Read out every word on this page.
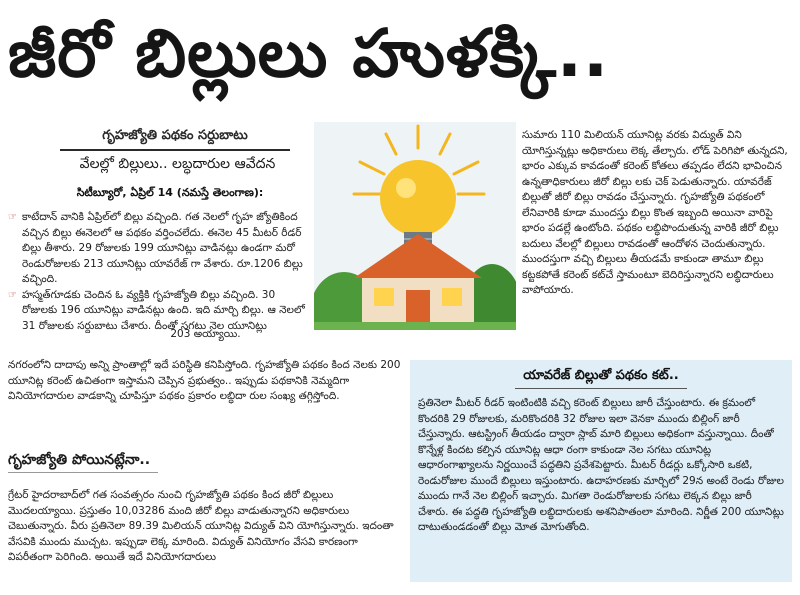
జీరో బిల్లులు హుళక్కి..
గృహజ్యోతి పథకం సర్దుబాటు
వేలల్లో బిల్లులు.. లబ్ధదారుల ఆవేదన
సిటీబ్యూరో, ఏప్రిల్ 14 (నమస్తే తెలంగాణ):

☞ కాటేదాన్ వానికి ఏప్రిల్‌లో బిల్లు వచ్చింది. గత నెలలో గృహ జ్యోతికింద వచ్చిన బిల్లు ఈనెలలో ఆ పథకం వర్తించలేదు. ఈనెల 45 మీటర్ రీడర్ బిల్లు తీశారు. 29 రోజులకు 199 యూనిట్లు వాడినట్లు ఉండగా మరో రెండురోజులకు 213 యూనిట్లు యావరేజ్ గా వేశారు. రూ.1206 బిల్లు వచ్చింది.

☞ హస్మత్‌గూడకు చెందిన ఓ వ్యక్తికి గృహజ్యోతి బిల్లు వచ్చింది. 30 రోజులకు 196 యూనిట్లు వాడినట్లు ఉంది. ఇది మార్చి బిల్లు. ఆ నెలలో 31 రోజులకు సర్దుబాటు చేశారు. దీంతో సగటు నెల యూనిట్లు

203 అయ్యాయి.
నగరంలోని దాదాపు అన్ని ప్రాంతాల్లో ఇదే పరిస్థితి కనిపిస్తోంది. గృహజ్యోతి పథకం కింద నెలకు 200 యూనిట్ల కరెంట్ ఉచితంగా ఇస్తామని చెప్పిన ప్రభుత్వం.. ఇప్పుడు పథకానికి నెమ్మదిగా వినియోగదారుల వాడకాన్ని చూపిస్తూ పథకం ప్రకారం లబ్ధిదా రుల సంఖ్య తగ్గిస్తోంది.
గృహజ్యోతి పోయినట్లేనా..
గ్రేటర్ హైదరాబాద్‌లో గత సంవత్సరం నుంచి గృహజ్యోతి పథకం కింద జీరో బిల్లులు మొదలయ్యాయి. ప్రస్తుతం 10,03286 మంది జీరో బిల్లు వాడుతున్నారని అధికారులు చెబుతున్నారు. వీరు ప్రతినెలా 89.39 మిలియన్ యూనిట్ల విద్యుత్ విని యోగిస్తున్నారు. ఇదంతా వేసవికి ముందు ముచ్చట. ఇప్పుడా లెక్క మారింది. విద్యుత్ వినియోగం వేసవి కారణంగా విపరీతంగా పెరిగింది. అయితే ఇదే వినియోగదారులు
సుమారు 110 మిలియన్ యూనిట్ల వరకు విద్యుత్ విని యోగిస్తున్నట్లు అధికారులు లెక్క తేల్చారు. లోడ్ పెరిగిపో తున్నదని, భారం ఎక్కువ కావడంతో కరెంట్ కోతలు తప్పడం లేదని భావించిన ఉన్నతాధికారులు జీరో బిల్లు లకు చెక్ పెడుతున్నారు. యావరేజ్ బిల్లుతో జీరో బిల్లు రావడం చేస్తున్నారు. గృహజ్యోతి పథకంలో లేనివారికి కూడా ముందస్తు బిల్లు కొంత ఇబ్బంది అయినా వారిపై భారం పడల్లే ఉంటోంది. పథకం లబ్ధిపొందుతున్న వారికి జీరో బిల్లు బదులు వేలల్లో బిల్లులు రావడంతో ఆందోళన చెందుతున్నారు. ముందస్తుగా వచ్చి బిల్లులు తీయడమే కాకుండా తామూ బిల్లు కట్టకపోతే కరెంట్ కట్‌చే స్తామంటూ బెదిరిస్తున్నారని లబ్ధిదారులు వాపోయారు.
యావరేజ్ బిల్లుతో పథకం కట్..
ప్రతినెలా మీటర్ రీడర్ ఇంటింటికి వచ్చి కరెంట్ బిల్లులు జారీ చేస్తుంటారు. ఈ క్రమంలో కొందరికి 29 రోజులకు, మరికొందరికి 32 రోజుల ఇలా వెనకా ముందు బిల్లింగ్ జారీ చేస్తున్నారు. ఆటస్ట్రింగ్ తీయడం ద్వారా స్లాబ్ మారి బిల్లులు అధికంగా వస్తున్నాయి. దీంతో కొన్నేళ్ల కిందట కల్పిన యూనిట్ల ఆధా రంగా కాకుండా నెల సగటు యూనిట్ల ఆధారంగాఖ్యాలను నిర్ణయించే పద్ధతిని ప్రవేశపెట్టారు. మీటర్ రీడర్లు ఒక్కోసారి ఒకటి, రెండురోజుల ముందే బిల్లులు ఇస్తుంటారు. ఉదాహరణకు మార్చిలో 29న అంటే రెండు రోజుల ముందు గానే నెల బిల్లింగ్ ఇచ్చారు. మిగతా రెండురోజులకు సగటు లెక్కన బిల్లు జారీ చేశారు. ఈ పద్ధతి గృహజ్యోతి లబ్ధిదారులకు అశనిపాతంలా మారింది. నిర్ణీత 200 యూనిట్లు దాటుతుండడంతో బిల్లు మోత మోగుతోంది.
